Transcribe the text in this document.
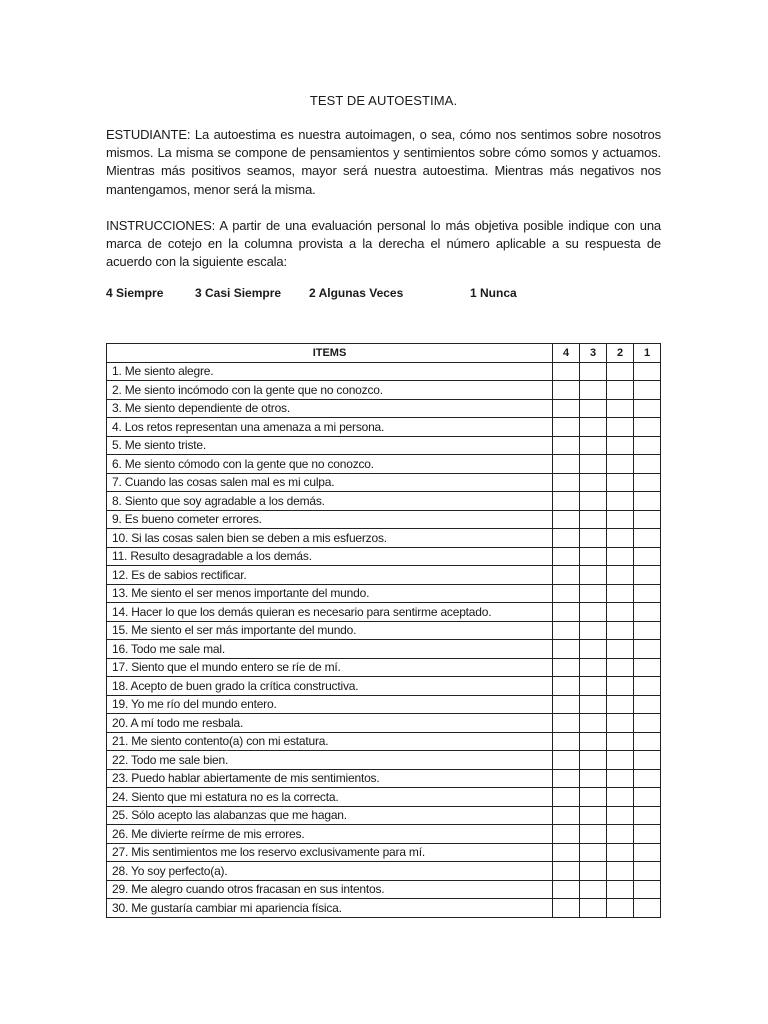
TEST DE AUTOESTIMA.
ESTUDIANTE: La autoestima es nuestra autoimagen, o sea, cómo nos sentimos sobre nosotros mismos. La misma se compone de pensamientos y sentimientos sobre cómo somos y actuamos. Mientras más positivos seamos, mayor será nuestra autoestima. Mientras más negativos nos mantengamos, menor será la misma.
INSTRUCCIONES: A partir de una evaluación personal lo más objetiva posible indique con una marca de cotejo en la columna provista a la derecha el número aplicable a su respuesta de acuerdo con la siguiente escala:
4 Siempre	3 Casi Siempre 2 Algunas Veces	1 Nunca
ITEMS	4	3	2	1
1. Me siento alegre.				
2. Me siento incómodo con la gente que no conozco.				
3. Me siento dependiente de otros.				
4. Los retos representan una amenaza a mi persona.				
5. Me siento triste.				
6. Me siento cómodo con la gente que no conozco.				
7. Cuando las cosas salen mal es mi culpa.				
8. Siento que soy agradable a los demás.				
9. Es bueno cometer errores.				
10. Si las cosas salen bien se deben a mis esfuerzos.				
11. Resulto desagradable a los demás.				
12. Es de sabios rectificar.				
13. Me siento el ser menos importante del mundo.				
14. Hacer lo que los demás quieran es necesario para sentirme aceptado.				
15. Me siento el ser más importante del mundo.				
16. Todo me sale mal.				
17. Siento que el mundo entero se ríe de mí.				
18. Acepto de buen grado la crítica constructiva.				
19. Yo me río del mundo entero.				
20. A mí todo me resbala.				
21. Me siento contento(a) con mi estatura.				
22. Todo me sale bien.				
23. Puedo hablar abiertamente de mis sentimientos.				
24. Siento que mi estatura no es la correcta.				
25. Sólo acepto las alabanzas que me hagan.				
26. Me divierte reírme de mis errores.				
27. Mis sentimientos me los reservo exclusivamente para mí.				
28. Yo soy perfecto(a).				
29. Me alegro cuando otros fracasan en sus intentos.				
30. Me gustaría cambiar mi apariencia física.				
